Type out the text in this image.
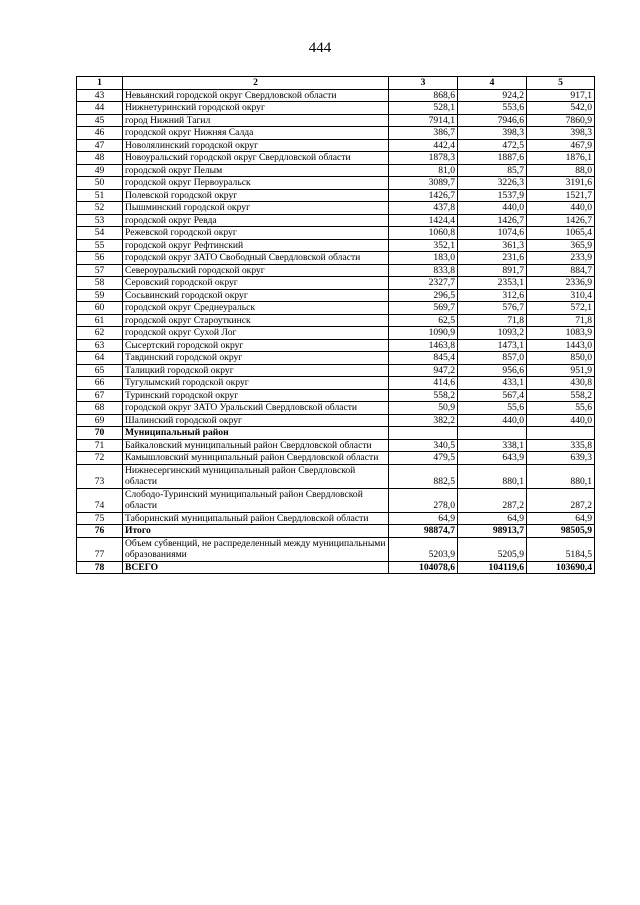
444
1	2	3	4	5
43	Невьянский городской округ Свердловской области	868,6	924,2	917,1
44	Нижнетуринский городской округ	528,1	553,6	542,0
45	город Нижний Тагил	7914,1	7946,6	7860,9
46	городской округ Нижняя Салда	386,7	398,3	398,3
47	Новолялинский городской округ	442,4	472,5	467,9
48	Новоуральский городской округ Свердловской области	1878,3	1887,6	1876,1
49	городской округ Пелым	81,0	85,7	88,0
50	городской округ Первоуральск	3089,7	3226,3	3191,6
51	Полевской городской округ	1426,7	1537,9	1521,7
52	Пышминский городской округ	437,8	440,0	440,0
53	городской округ Ревда	1424,4	1426,7	1426,7
54	Режевской городской округ	1060,8	1074,6	1065,4
55	городской округ Рефтинский	352,1	361,3	365,9
56	городской округ ЗАТО Свободный Свердловской области	183,0	231,6	233,9
57	Североуральский городской округ	833,8	891,7	884,7
58	Серовский городской округ	2327,7	2353,1	2336,9
59	Сосьвинский городской округ	296,5	312,6	310,4
60	городской округ Среднеуральск	569,7	576,7	572,1
61	городской округ Староуткинск	62,5	71,8	71,8
62	городской округ Сухой Лог	1090,9	1093,2	1083,9
63	Сысертский городской округ	1463,8	1473,1	1443,0
64	Тавдинский городской округ	845,4	857,0	850,0
65	Талицкий городской округ	947,2	956,6	951,9
66	Тугулымский городской округ	414,6	433,1	430,8
67	Туринский городской округ	558,2	567,4	558,2
68	городской округ ЗАТО Уральский Свердловской области	50,9	55,6	55,6
69	Шалинский городской округ	382,2	440,0	440,0
70	Муниципальный район			
71	Байкаловский муниципальный район Свердловской области	340,5	338,1	335,8
72	Камышловский муниципальный район Свердловской области	479,5	643,9	639,3
73	Нижнесергинский муниципальный район Свердловской области	882,5	880,1	880,1
74	Слободо-Туринский муниципальный район Свердловской области	278,0	287,2	287,2
75	Таборинский муниципальный район Свердловской области	64,9	64,9	64,9
76	Итого	98874,7	98913,7	98505,9
77	Объем субвенций, не распределенный между муниципальными образованиями	5203,9	5205,9	5184,5
78	ВСЕГО	104078,6	104119,6	103690,4
